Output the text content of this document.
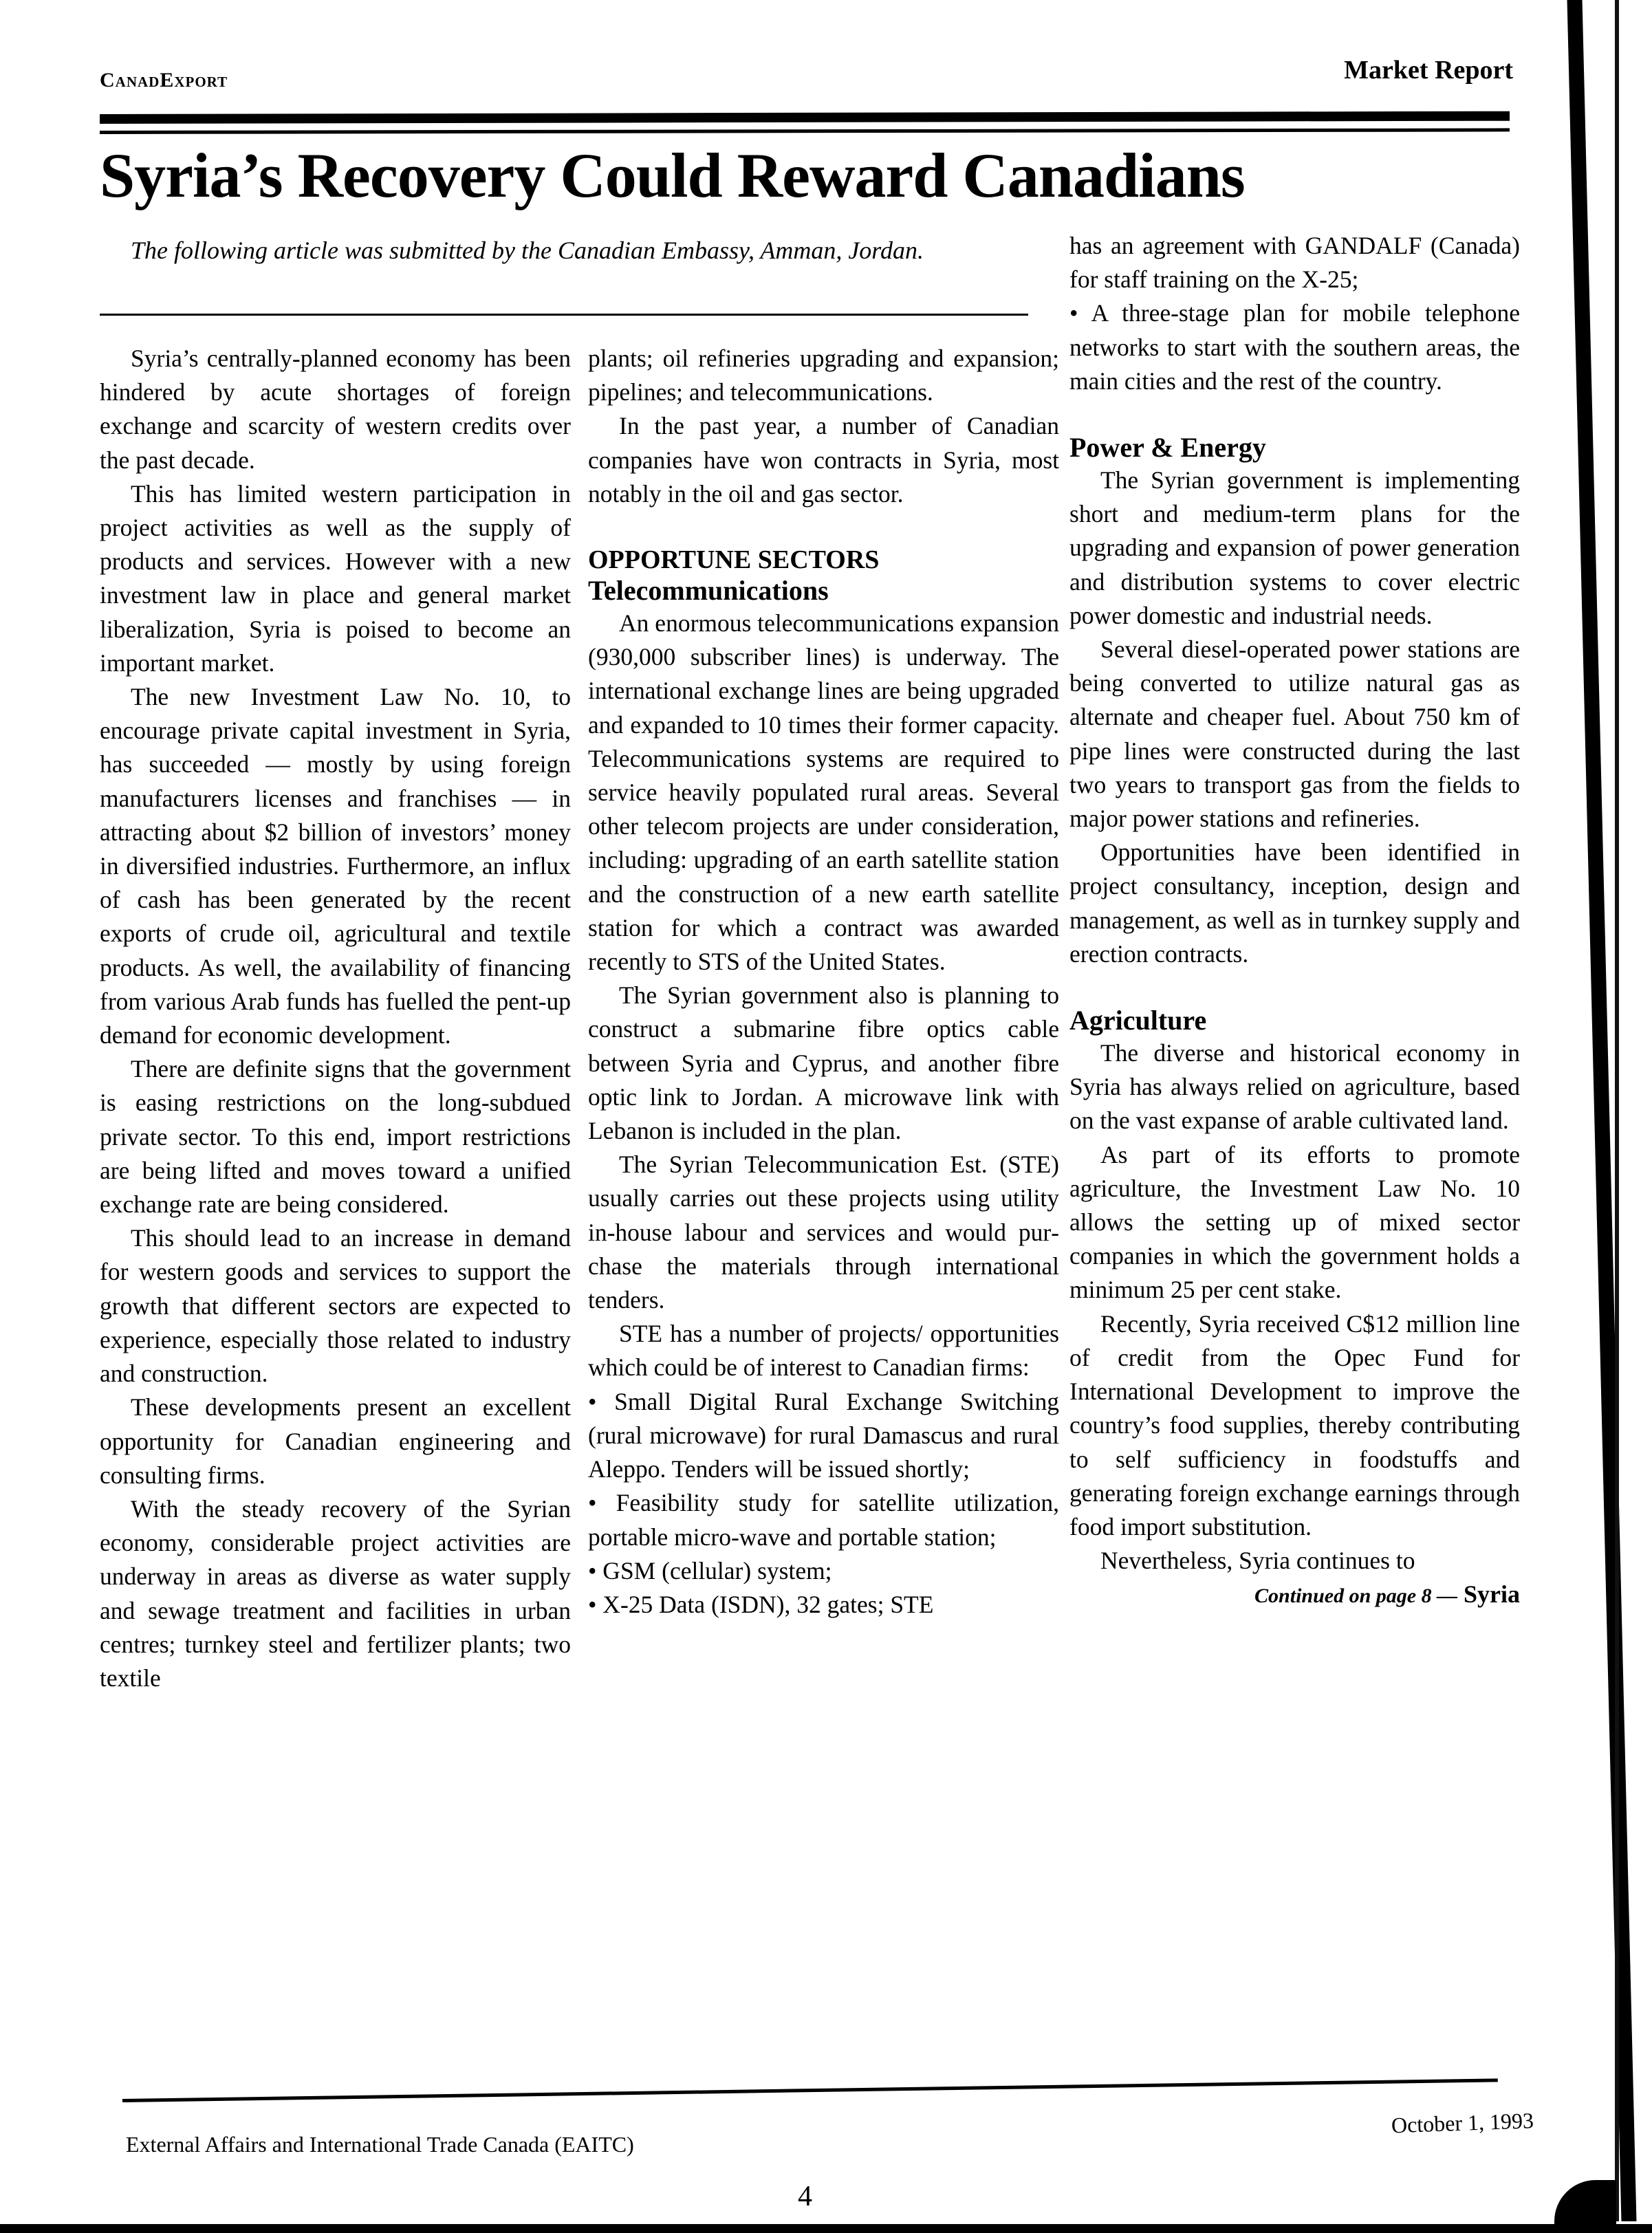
CanadExport	Market Report
Syria’s Recovery Could Reward Canadians
The following article was submitted by the Canadian Embassy, Amman, Jordan.

Syria’s centrally-planned economy has been hindered by acute shortages of foreign exchange and scarcity of western credits over the past decade.

This has limited western participation in project activities as well as the supply of products and services. However with a new investment law in place and general market liberalization, Syria is poised to become an important market.

The new Investment Law No. 10, to encourage private capital investment in Syria, has succeeded — mostly by using foreign manufacturers licenses and franchises — in attracting about $2 billion of investors’ money in diversified industries. Furthermore, an influx of cash has been generated by the recent exports of crude oil, agricultural and textile products. As well, the availability of financing from various Arab funds has fuelled the pent-up demand for economic development.

There are definite signs that the government is easing restrictions on the long-subdued private sector. To this end, import restrictions are being lifted and moves toward a unified exchange rate are being considered.

This should lead to an increase in demand for western goods and services to support the growth that different sectors are expected to experience, especially those related to industry and construction.

These developments present an excellent opportunity for Canadian engineering and consulting firms.

With the steady recovery of the Syrian economy, considerable project activities are underway in areas as diverse as water supply and sewage treatment and facilities in urban centres; turnkey steel and fertilizer plants; two textile

plants; oil refineries upgrading and expansion; pipelines; and telecommunications.

In the past year, a number of Canadian companies have won contracts in Syria, most notably in the oil and gas sector.

OPPORTUNE SECTORS
Telecommunications

An enormous telecommunications expansion (930,000 subscriber lines) is underway. The international exchange lines are being upgraded and expanded to 10 times their former capacity. Telecommunications systems are required to service heavily populated rural areas. Several other telecom projects are under consideration, including: upgrading of an earth satellite station and the construction of a new earth satellite station for which a contract was awarded recently to STS of the United States.

The Syrian government also is planning to construct a submarine fibre optics cable between Syria and Cyprus, and another fibre optic link to Jordan. A microwave link with Lebanon is included in the plan.

The Syrian Telecommunication Est. (STE) usually carries out these projects using utility in-house labour and services and would purchase the materials through international tenders.

STE has a number of projects/ opportunities which could be of interest to Canadian firms:

• Small Digital Rural Exchange Switching (rural microwave) for rural Damascus and rural Aleppo. Tenders will be issued shortly;

• Feasibility study for satellite utilization, portable micro-wave and portable station;

• GSM (cellular) system;

• X-25 Data (ISDN), 32 gates; STE

has an agreement with GANDALF (Canada) for staff training on the X-25;

• A three-stage plan for mobile telephone networks to start with the southern areas, the main cities and the rest of the country.

Power & Energy

The Syrian government is implementing short and medium-term plans for the upgrading and expansion of power generation and distribution systems to cover electric power domestic and industrial needs.

Several diesel-operated power stations are being converted to utilize natural gas as alternate and cheaper fuel. About 750 km of pipe lines were constructed during the last two years to transport gas from the fields to major power stations and refineries.

Opportunities have been identified in project consultancy, inception, design and management, as well as in turnkey supply and erection contracts.

Agriculture

The diverse and historical economy in Syria has always relied on agriculture, based on the vast expanse of arable cultivated land.

As part of its efforts to promote agriculture, the Investment Law No. 10 allows the setting up of mixed sector companies in which the government holds a minimum 25 per cent stake.

Recently, Syria received C$12 million line of credit from the Opec Fund for International Development to improve the country’s food supplies, thereby contributing to self sufficiency in foodstuffs and generating foreign exchange earnings through food import substitution.

Nevertheless, Syria continues to

Continued on page 8 — Syria
External Affairs and International Trade Canada (EAITC)
October 1, 1993
4
